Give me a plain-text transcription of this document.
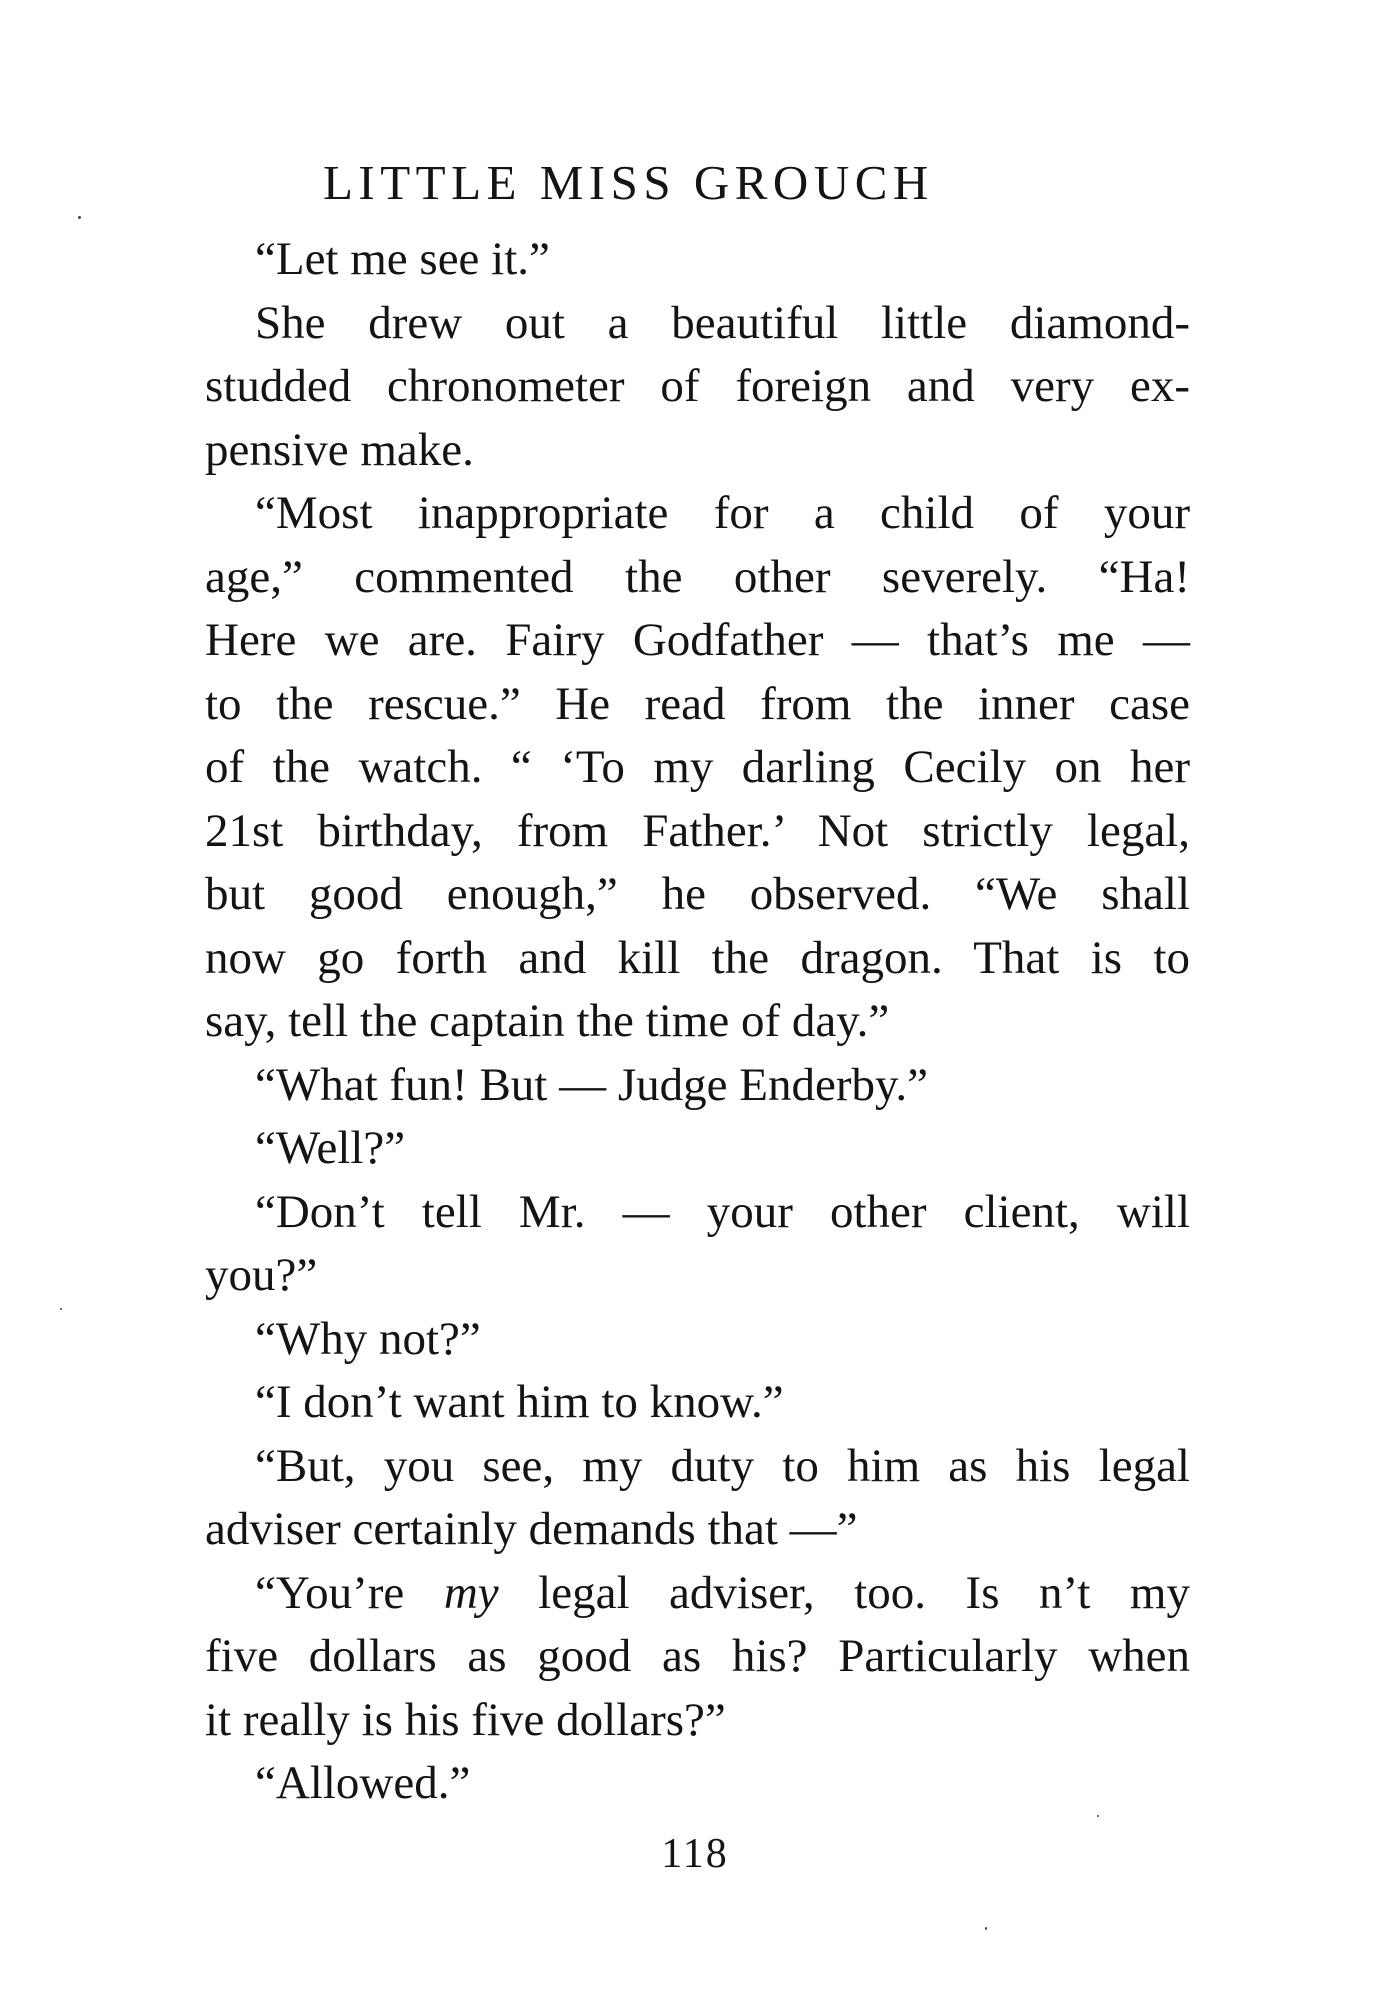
LITTLE MISS GROUCH
“Let me see it.”
She drew out a beautiful little diamond-
studded chronometer of foreign and very ex-
pensive make.
“Most inappropriate for a child of your
age,” commented the other severely. “Ha!
Here we are. Fairy Godfather — that’s me —
to the rescue.” He read from the inner case
of the watch. “ ‘To my darling Cecily on her
21st birthday, from Father.’ Not strictly legal,
but good enough,” he observed. “We shall
now go forth and kill the dragon. That is to
say, tell the captain the time of day.”
“What fun! But — Judge Enderby.”
“Well?”
“Don’t tell Mr. — your other client, will
you?”
“Why not?”
“I don’t want him to know.”
“But, you see, my duty to him as his legal
adviser certainly demands that —”
“You’re my legal adviser, too. Is n’t my
five dollars as good as his? Particularly when
it really is his five dollars?”
“Allowed.”
118
